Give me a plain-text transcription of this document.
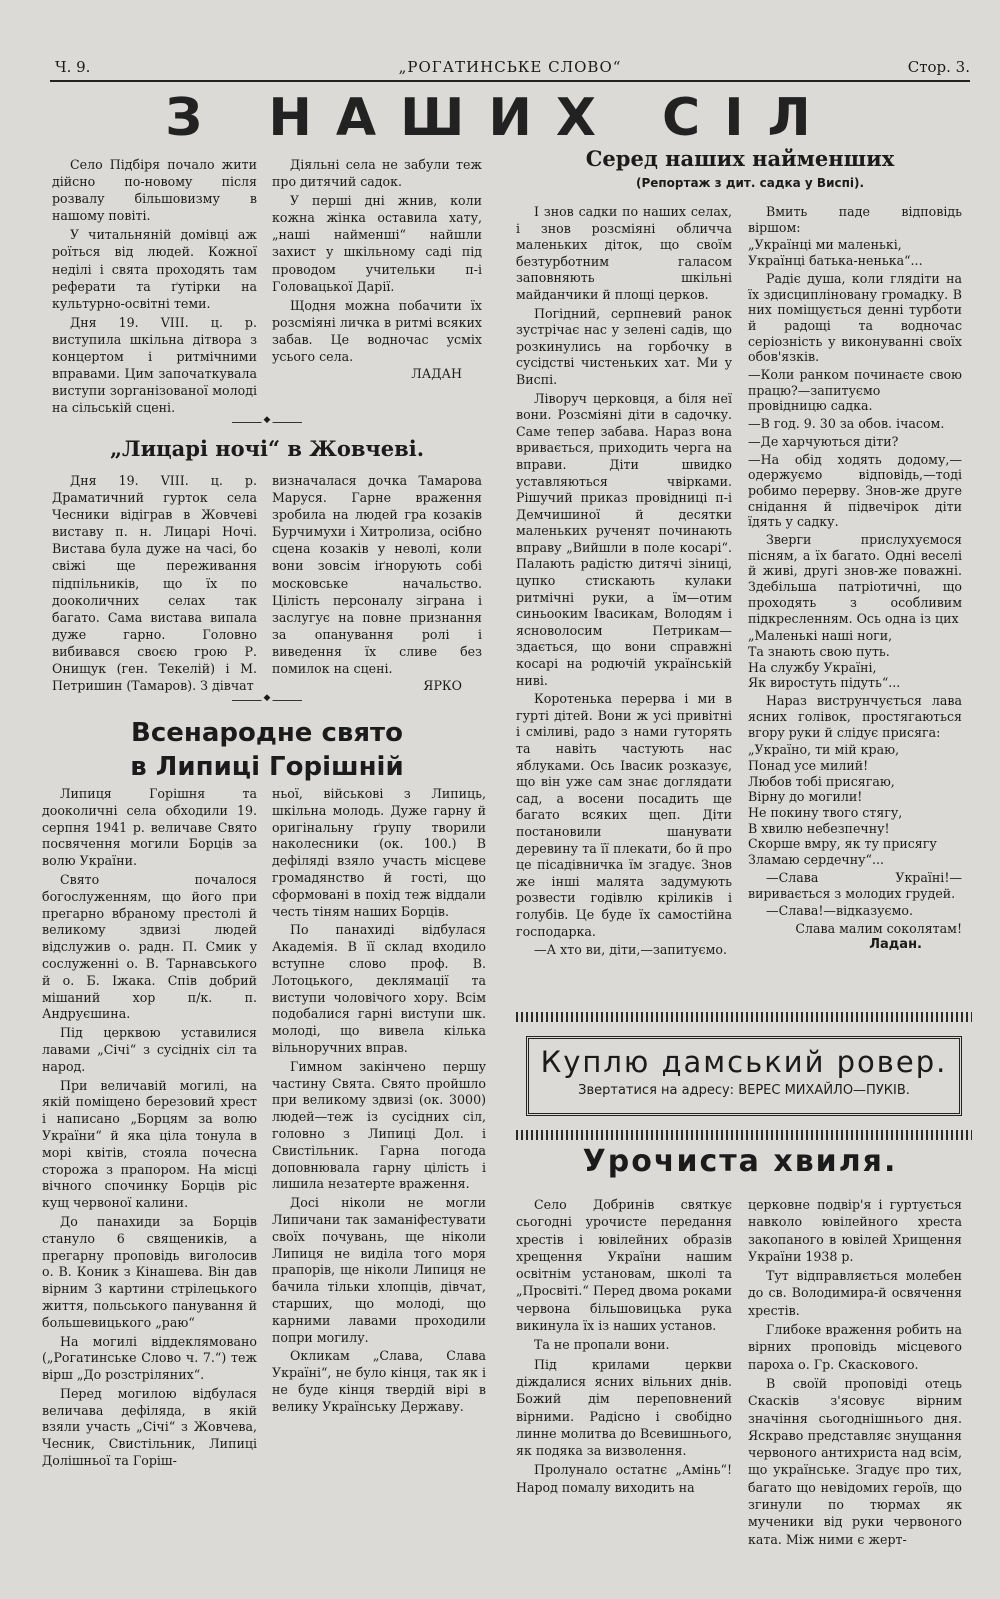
Ч. 9.	„РОГАТИНСЬКЕ СЛОВО“	Стор. 3.
З НАШИХ СІЛ

Село Підбіря почало жити дійсно по-новому після розвалу більшовизму в нашому повіті.

У читальняній домівці аж роїться від людей. Кожної неділі і свята проходять там реферати та ґутірки на культурно-освітні теми.

Дня 19. VIII. ц. р. виступила шкільна дітвора з концертом і ритмічними вправами. Цим започаткувала виступи зорганізованої молоді на сільській сцені.

Діяльні села не забули теж про дитячий садок.

У перші дні жнив, коли кожна жінка оставила хату, „наші найменші“ найшли захист у шкільному саді під проводом учительки п-і Головацької Дарії.

Щодня можна побачити їх розсміяні личка в ритмі всяких забав. Це водночас усміх усього села.

ЛАДАН
◆
„Лицарі ночі“ в Жовчеві.

Дня 19. VIII. ц. р. Драматичний гурток села Чесники відіграв в Жовчеві виставу п. н. Лицарі Ночі. Вистава була дуже на часі, бо свіжі ще переживання підпільників, що їх по дооколичних селах так багато. Сама вистава випала дуже гарно. Головно вибивався своєю грою Р. Онищук (ген. Текелій) і М. Петришин (Тамаров). З дівчат

визначалася дочка Тамарова Маруся. Гарне враження зробила на людей гра козаків Бурчимухи і Хитролиза, осібно сцена козаків у неволі, коли вони зовсім іґнорують собі московське начальство. Цілість персоналу зіграна і заслугує на повне признання за опанування ролі і виведення їх сливе без помилок на сцені.

ЯРКО
◆
Всенародне свято
в Липиці Горішній

Липиця Горішня та дооколичні села обходили 19. серпня 1941 р. величаве Свято посвячення могили Борців за волю України.

Свято почалося богослуженням, що його при прегарно вбраному престолі й великому здвизі людей відслужив о. радн. П. Смик у сослуженні о. В. Тарнавського й о. Б. Іжака. Спів добрий мішаний хор п/к. п. Андруєшина.

Під церквою уставилися лавами „Січі“ з сусідніх сіл та народ.

При величавій могилі, на якій поміщено березовий хрест і написано „Борцям за волю України“ й яка ціла тонула в морі квітів, стояла почесна сторожа з прапором. На місці вічного спочинку Борців ріс кущ червоної калини.

До панахиди за Борців стануло 6 священиків, а прегарну проповідь виголосив о. В. Коник з Кінашева. Він дав вірним 3 картини стрілецького життя, польського панування й большевицького „раю“

На могилі віддеклямовано („Рогатинське Слово ч. 7.“) теж вірш „До розстріляних“.

Перед могилою відбулася величава дефіляда, в якій взяли участь „Січі“ з Жовчева, Чесник, Свистільник, Липиці Долішньої та Горіш-

ньої, військові з Липиць, шкільна молодь. Дуже гарну й оригінальну ґрупу творили наколесники (ок. 100.) В дефіляді взяло участь місцеве громадянство й гості, що сформовані в похід теж віддали честь тіням наших Борців.

По панахиді відбулася Академія. В її склад входило вступне слово проф. В. Лотоцького, деклямації та виступи чоловічого хору. Всім подобалися гарні виступи шк. молоді, що вивела кілька вільноручних вправ.

Гимном закінчено першу частину Свята. Свято пройшло при великому здвизі (ок. 3000) людей—теж із сусідних сіл, головно з Липиці Дол. і Свистільник. Гарна погода доповнювала гарну цілість і лишила незатерте враження.

Досі ніколи не могли Липичани так заманіфестувати своїх почувань, ще ніколи Липиця не виділа того моря прапорів, ще ніколи Липиця не бачила тільки хлопців, дівчат, старших, що молоді, що карними лавами проходили попри могилу.

Окликам „Слава, Слава Україні“, не було кінця, так як і не буде кінця твердій вірі в велику Українську Державу.

Серед наших найменших
(Репортаж з дит. садка у Виспі).

І знов садки по наших селах, і знов розсміяні обличча маленьких діток, що своїм безтурботним галасом заповняють шкільні майданчики й площі церков.

Погідний, серпневий ранок зустрічає нас у зелені садів, що розкинулись на горбочку в сусідстві чистеньких хат. Ми у Виспі.

Ліворуч церковця, а біля неї вони. Розсміяні діти в садочку. Саме тепер забава. Нараз вона вривається, приходить черга на вправи. Діти швидко уставляються чвірками. Рішучий приказ провідниці п-і Демчишиної й десятки маленьких рученят починають вправу „Вийшли в поле косарі“. Палають радістю дитячі зіниці, цупко стискають кулаки ритмічні руки, а їм—отим синьооким Івасикам, Володям і ясноволосим Петрикам—здається, що вони справжні косарі на родючій українській ниві.

Коротенька перерва і ми в гурті дітей. Вони ж усі привітні і сміливі, радо з нами гуторять та навіть частують нас яблуками. Ось Івасик розказує, що він уже сам знає доглядати сад, а восени посадить ще багато всяких щеп. Діти постановили шанувати деревину та її плекати, бо й про це пісадівничка їм згадує. Знов же інші малята задумують розвести годівлю кріликів і голубів. Це буде їх самостійна господарка.

—А хто ви, діти,—запитуємо.

Вмить паде відповідь віршом:

„Українці ми маленькі,
Українці батька-ненька“...

Радіє душа, коли глядіти на їх здисципліновану громадку. В них поміщується денні турботи й радощі та водночас серіозність у виконуванні своїх обов'язків.

—Коли ранком починаєте свою працю?—запитуємо провідницю садка.

—В год. 9. 30 за обов. ічасом.

—Де харчуються діти?

—На обід ходять додому,—одержуємо відповідь,—тоді робимо перерву. Знов-же друге снідання й підвечірок діти їдять у садку.

Зверги прислухуємося пісням, а їх багато. Одні веселі й живі, другі знов-же поважні. Здебільша патріотичні, що проходять з особливим підкресленням. Ось одна із цих

„Маленькі наші ноги,
Та знають свою путь.
На службу Україні,
Як виростуть підуть“...

Нараз виструнчується лава ясних голівок, простягаються вгору руки й слідує присяга:

„Україно, ти мій краю,
Понад усе милий!
Любов тобі присягаю,
Вірну до могили!
Не покину твого стягу,
В хвилю небезпечну!
Скорше вмру, як ту присягу
Зламаю сердечну“...

—Слава Україні!—виривається з молодих грудей.

—Слава!—відказуємо.

Слава малим соколятам!

Ладан.
Куплю дамський ровер.
Звертатися на адресу: ВЕРЕС МИХАЙЛО—ПУКІВ.
Урочиста хвиля.

Село Добринів святкує сьогодні урочисте передання хрестів і ювілейних образів хрещення України нашим освітнім установам, школі та „Просвіті.“ Перед двома роками червона більшовицька рука викинула їх із наших установ.

Та не пропали вони.

Під крилами церкви діждалися ясних вільних днів. Божий дім переповнений вірними. Радісно і свобідно линне молитва до Всевишнього, як подяка за визволення.

Пролунало остатнє „Амінь“! Народ помалу виходить на

церковне подвір'я і гуртується навколо ювілейного хреста закопаного в ювілей Хрищення України 1938 р.

Тут відправляється молебен до св. Володимира-й освячення хрестів.

Глибоке враження робить на вірних проповідь місцевого пароха о. Гр. Скаскового.

В своїй проповіді отець Скасків з'ясовує вірним значіння сьогоднішнього дня. Яскраво представляє знущання червоного антихриста над всім, що українське. Згадує про тих, багато що невідомих героїв, що згинули по тюрмах як мученики від руки червоного ката. Між ними є жерт-
